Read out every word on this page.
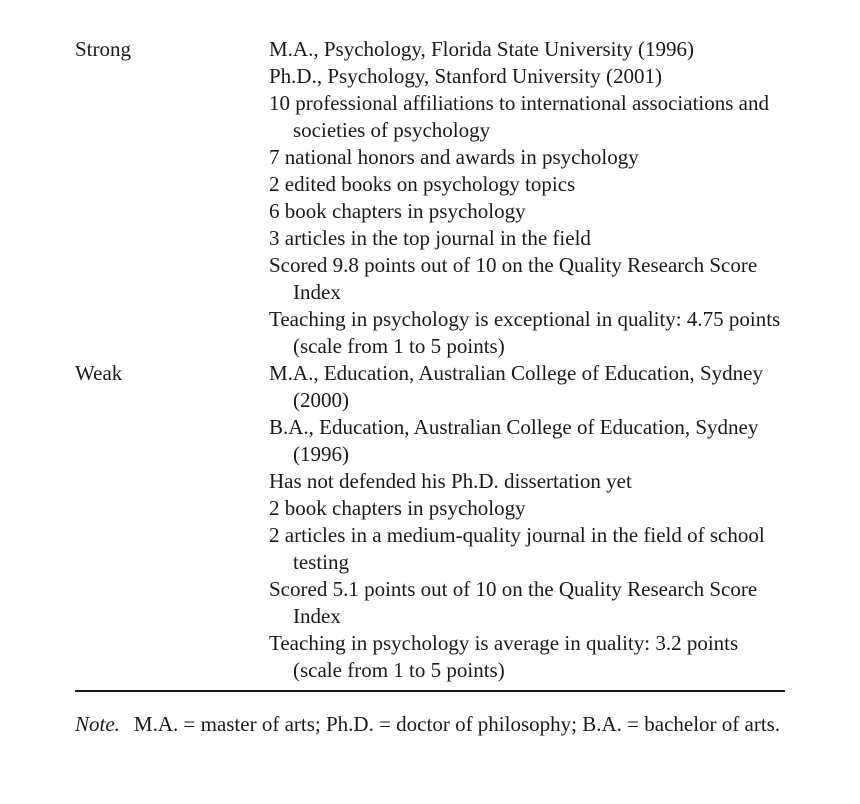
Strong	M.A., Psychology, Florida State University (1996)
Ph.D., Psychology, Stanford University (2001)
10 professional affiliations to international associations and societies of psychology
7 national honors and awards in psychology
2 edited books on psychology topics
6 book chapters in psychology
3 articles in the top journal in the field
Scored 9.8 points out of 10 on the Quality Research Score Index
Teaching in psychology is exceptional in quality: 4.75 points (scale from 1 to 5 points)
Weak	M.A., Education, Australian College of Education, Sydney (2000)
B.A., Education, Australian College of Education, Sydney (1996)
Has not defended his Ph.D. dissertation yet
2 book chapters in psychology
2 articles in a medium-quality journal in the field of school testing
Scored 5.1 points out of 10 on the Quality Research Score Index
Teaching in psychology is average in quality: 3.2 points (scale from 1 to 5 points)

Note. M.A. = master of arts; Ph.D. = doctor of philosophy; B.A. = bachelor of arts.
